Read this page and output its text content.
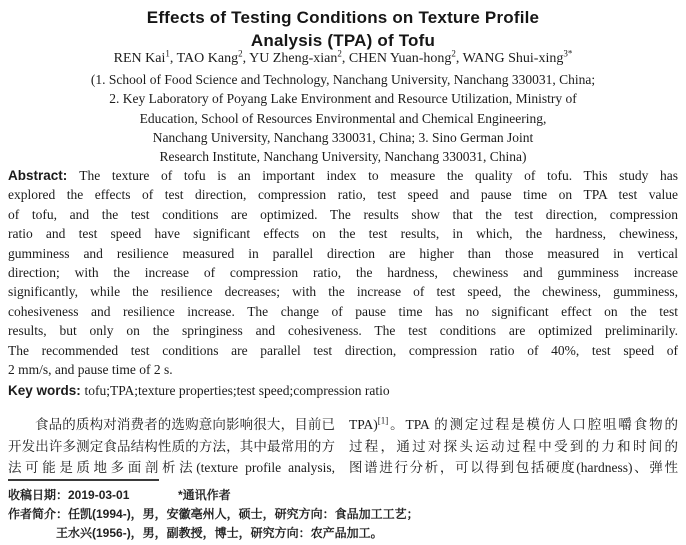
Effects of Testing Conditions on Texture Profile
Analysis (TPA) of Tofu
REN Kai$^1$, TAO Kang$^2$, YU Zheng-xian$^2$, CHEN Yuan-hong$^2$, WANG Shui-xing$^{3*}$
(1. School of Food Science and Technology, Nanchang University, Nanchang 330031, China;
2. Key Laboratory of Poyang Lake Environment and Resource Utilization, Ministry of
Education, School of Resources Environmental and Chemical Engineering,
Nanchang University, Nanchang 330031, China; 3. Sino German Joint
Research Institute, Nanchang University, Nanchang 330031, China)
Abstract: The texture of tofu is an important index to measure the quality of tofu. This study has
explored the effects of test direction, compression ratio, test speed and pause time on TPA test value
of tofu, and the test conditions are optimized. The results show that the test direction, compression
ratio and test speed have significant effects on the test results, in which, the hardness, chewiness,
gumminess and resilience measured in parallel direction are higher than those measured in vertical
direction; with the increase of compression ratio, the hardness, chewiness and gumminess increase
significantly, while the resilience decreases; with the increase of test speed, the chewiness, gumminess,
cohesiveness and resilience increase. The change of pause time has no significant effect on the test
results, but only on the springiness and cohesiveness. The test conditions are optimized preliminarily.
The recommended test conditions are parallel test direction, compression ratio of 40%, test speed of
2 mm/s, and pause time of 2 s.
Key words: tofu;TPA;texture properties;test speed;compression ratio
食品的质构对消费者的选购意向影响很大，目前已
开发出许多测定食品结构性质的方法，其中最常用的方
法可能是质地多面剖析法(texture profile analysis,
TPA)[1]。TPA 的测定过程是模仿人口腔咀嚼食物的
过程，通过对探头运动过程中受到的力和时间的
图谱进行分析，可以得到包括硬度(hardness)、弹性
收稿日期：2019-03-01	*通讯作者
作者简介：任凯(1994-)，男，安徽亳州人，硕士，研究方向：食品加工工艺；
王水兴(1956-)，男，副教授，博士，研究方向：农产品加工。
